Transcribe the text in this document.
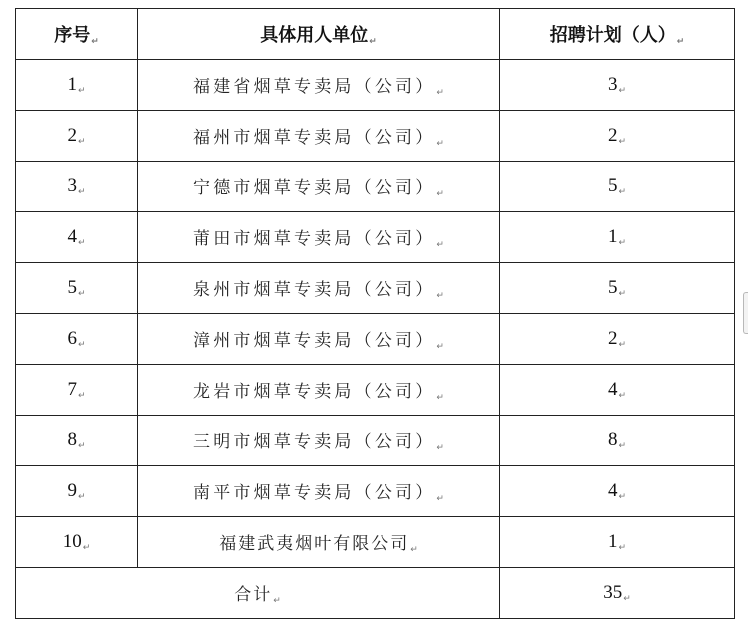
序号↵	具体用人单位↵	招聘计划（人）↵
1↵	福建省烟草专卖局（公司）↵	3↵
2↵	福州市烟草专卖局（公司）↵	2↵
3↵	宁德市烟草专卖局（公司）↵	5↵
4↵	莆田市烟草专卖局（公司）↵	1↵
5↵	泉州市烟草专卖局（公司）↵	5↵
6↵	漳州市烟草专卖局（公司）↵	2↵
7↵	龙岩市烟草专卖局（公司）↵	4↵
8↵	三明市烟草专卖局（公司）↵	8↵
9↵	南平市烟草专卖局（公司）↵	4↵
10↵	福建武夷烟叶有限公司↵	1↵
合计↵		35↵
